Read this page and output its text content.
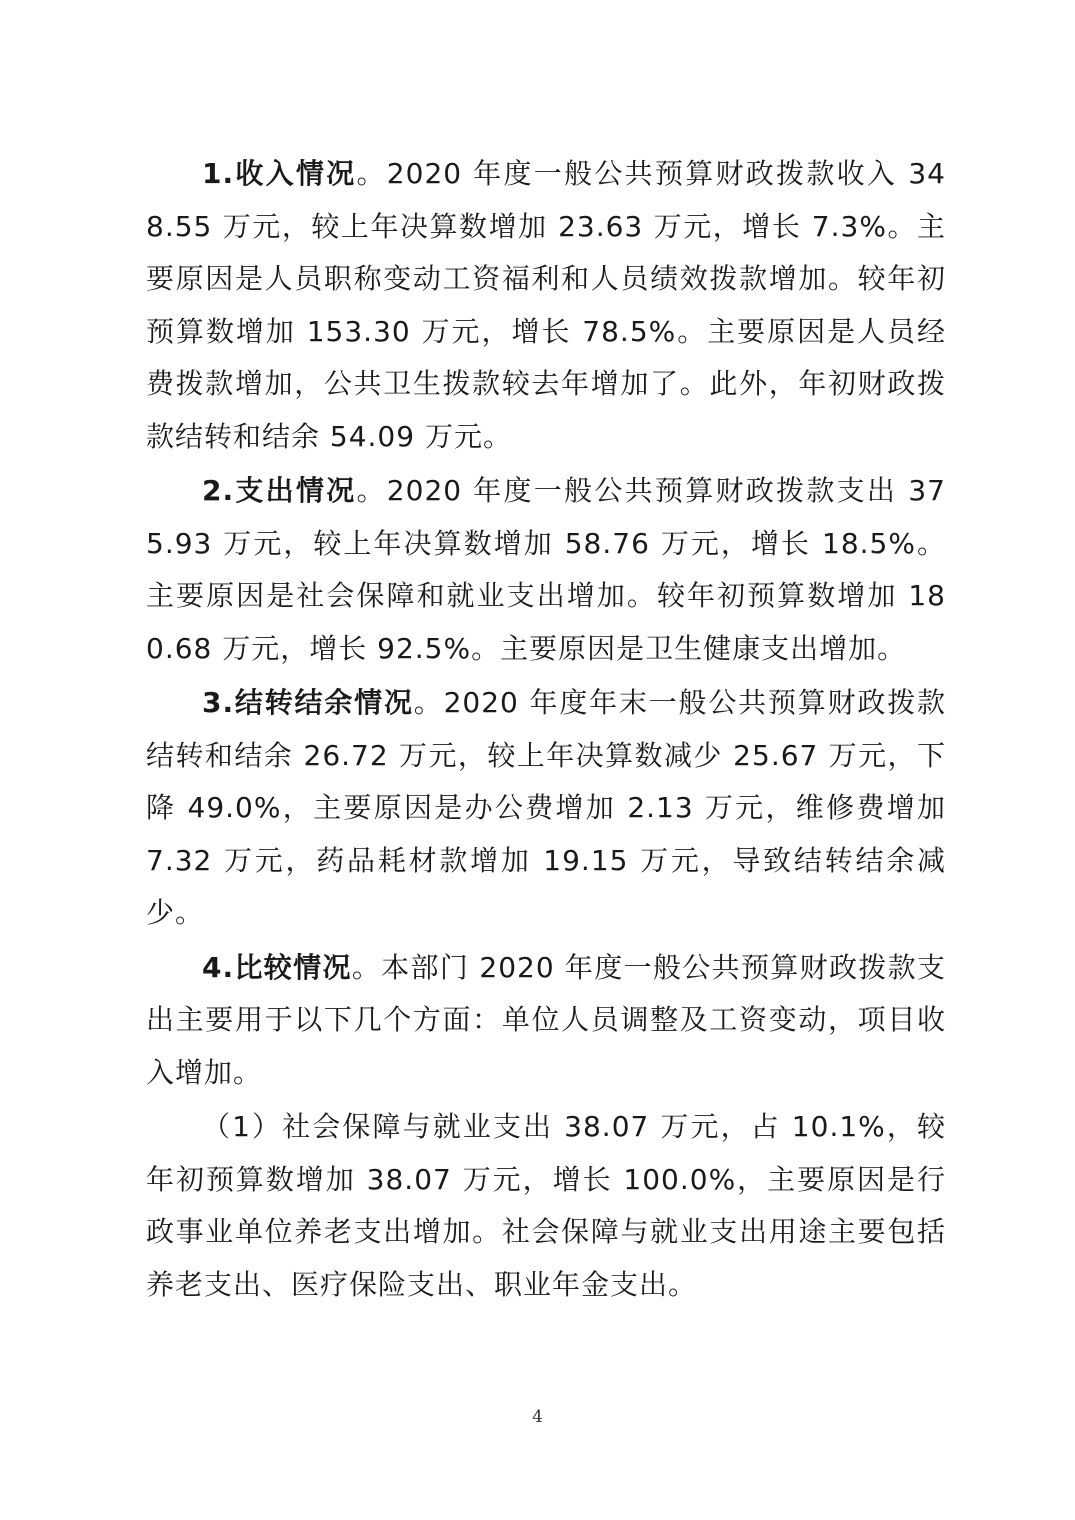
1.收入情况。2020 年度一般公共预算财政拨款收入 348.55 万元，较上年决算数增加 23.63 万元，增长 7.3%。主要原因是人员职称变动工资福利和人员绩效拨款增加。较年初预算数增加 153.30 万元，增长 78.5%。主要原因是人员经费拨款增加，公共卫生拨款较去年增加了。此外，年初财政拨款结转和结余 54.09 万元。

2.支出情况。2020 年度一般公共预算财政拨款支出 375.93 万元，较上年决算数增加 58.76 万元，增长 18.5%。主要原因是社会保障和就业支出增加。较年初预算数增加 180.68 万元，增长 92.5%。主要原因是卫生健康支出增加。

3.结转结余情况。2020 年度年末一般公共预算财政拨款结转和结余 26.72 万元，较上年决算数减少 25.67 万元，下降 49.0%，主要原因是办公费增加 2.13 万元，维修费增加 7.32 万元，药品耗材款增加 19.15 万元，导致结转结余减少。

4.比较情况。本部门 2020 年度一般公共预算财政拨款支出主要用于以下几个方面：单位人员调整及工资变动，项目收入增加。

（1）社会保障与就业支出 38.07 万元，占 10.1%，较年初预算数增加 38.07 万元，增长 100.0%，主要原因是行政事业单位养老支出增加。社会保障与就业支出用途主要包括养老支出、医疗保险支出、职业年金支出。

4
